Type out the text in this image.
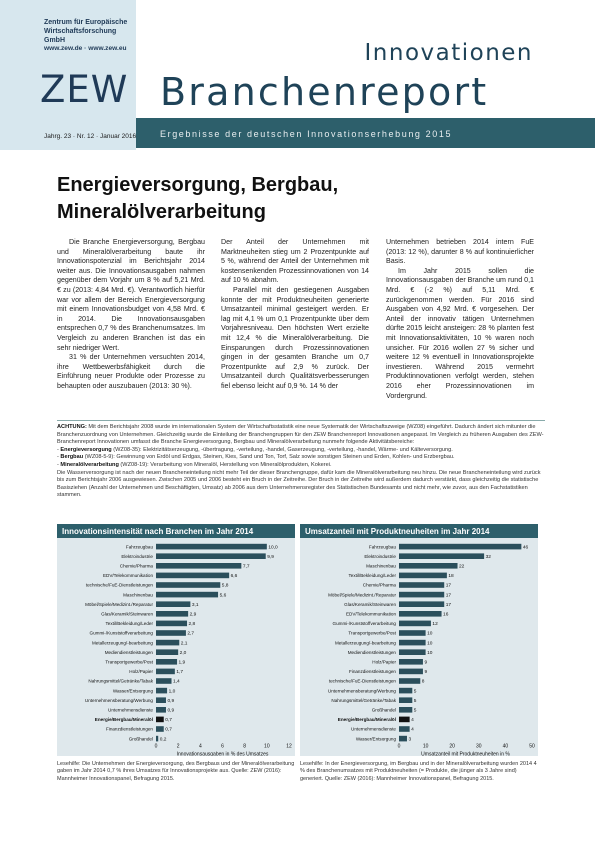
Zentrum für Europäische Wirtschaftsforschung GmbH
www.zew.de · www.zew.eu
ZEW
Jahrg. 23 · Nr. 12 · Januar 2016
Innovationen
Branchenreport
Ergebnisse der deutschen Innovationserhebung 2015
Energieversorgung, Bergbau,
Mineralölverarbeitung

Die Branche Energieversorgung, Bergbau und Mineralölverarbeitung baute ihr Innovationspotenzial im Berichtsjahr 2014 weiter aus. Die Innovationsausgaben nahmen gegenüber dem Vorjahr um 8 % auf 5,21 Mrd. € zu (2013: 4,84 Mrd. €). Verantwortlich hierfür war vor allem der Bereich Energieversorgung mit einem Innovationsbudget von 4,58 Mrd. € in 2014. Die Innovationsausgaben entsprechen 0,7 % des Branchenumsatzes. Im Vergleich zu anderen Branchen ist das ein sehr niedriger Wert.

31 % der Unternehmen versuchten 2014, ihre Wettbewerbsfähigkeit durch die Einführung neuer Produkte oder Prozesse zu behaupten oder auszubauen (2013: 30 %).

Der Anteil der Unternehmen mit Marktneuheiten stieg um 2 Prozentpunkte auf 5 %, während der Anteil der Unternehmen mit kostensenkenden Prozessinnovationen von 14 auf 10 % abnahm.

Parallel mit den gestiegenen Ausgaben konnte der mit Produktneuheiten generierte Umsatzanteil minimal gesteigert werden. Er lag mit 4,1 % um 0,1 Prozentpunkte über dem Vorjahresniveau. Den höchsten Wert erzielte mit 12,4 % die Mineralölverarbeitung. Die Einsparungen durch Prozessinnovationen gingen in der gesamten Branche um 0,7 Prozentpunkte auf 2,9 % zurück. Der Umsatzanteil durch Qualitätsverbesserungen fiel ebenso leicht auf 0,9 %. 14 % der

Unternehmen betrieben 2014 intern FuE (2013: 12 %), darunter 8 % auf kontinuierlicher Basis.

Im Jahr 2015 sollen die Innovationsausgaben der Branche um rund 0,1 Mrd. € (-2 %) auf 5,11 Mrd. € zurückgenommen werden. Für 2016 sind Ausgaben von 4,92 Mrd. € vorgesehen. Der Anteil der innovativ tätigen Unternehmen dürfte 2015 leicht ansteigen: 28 % planten fest mit Innovationsaktivitäten, 10 % waren noch unsicher. Für 2016 wollen 27 % sicher und weitere 12 % eventuell in Innovationsprojekte investieren. Während 2015 vermehrt Produktinnovationen verfolgt werden, stehen 2016 eher Prozessinnovationen im Vordergrund.

ACHTUNG: Mit dem Berichtsjahr 2008 wurde im internationalen System der Wirtschaftsstatistik eine neue Systematik der Wirtschaftszweige (WZ08) eingeführt. Dadurch ändert sich mitunter die Branchenzuordnung von Unternehmen. Gleichzeitig wurde die Einteilung der Branchengruppen für den ZEW Branchenreport Innovationen angepasst. Im Vergleich zu früheren Ausgaben des ZEW-Branchenreport Innovationen umfasst die Branche Energieversorgung, Bergbau und Mineralölverarbeitung nunmehr folgende Aktivitätsbereiche:
- Energieversorgung (WZ08-35): Elektrizitätserzeugung, -übertragung, -verteilung, -handel, Gaserzeugung, -verteilung, -handel, Wärme- und Kälteversorgung.
- Bergbau (WZ08-5-9): Gewinnung von Erdöl und Erdgas, Steinen, Kies, Sand und Ton, Torf, Salz sowie sonstigen Steinen und Erden, Kohlen- und Erzbergbau.
- Mineralölverarbeitung (WZ08-19): Verarbeitung von Mineralöl, Herstellung von Mineralölprodukten, Kokerei.
Die Wasserversorgung ist nach der neuen Brancheneinteilung nicht mehr Teil der dieser Branchengruppe, dafür kam die Mineralölverarbeitung neu hinzu. Die neue Brancheneinteilung wird zurück bis zum Berichtsjahr 2006 ausgewiesen. Zwischen 2005 und 2006 besteht ein Bruch in der Zeitreihe. Der Bruch in der Zeitreihe wird außerdem dadurch verstärkt, dass gleichzeitig die statistische Basisziehen (Anzahl der Unternehmen und Beschäftigten, Umsatz) ab 2006 aus dem Unternehmensregister des Statistischen Bundesamts und nicht mehr, wie zuvor, aus den Fachstatistiken stammen.
Innovationsintensität nach Branchen im Jahr 2014
Fahrzeugbau	10,0
Elektroindustrie	9,9
Chemie/Pharma	7,7
EDV/Telekommunikation	6,6
technische/FuE-Dienstleistungen	5,8
Maschinenbau	5,6
Möbel/Spiele/Medizint./Reparatur	3,1
Glas/Keramik/Steinwaren	2,9
Textil/Bekleidung/Leder	2,8
Gummi-/Kunststoffverarbeitung	2,7
Metallerzeugung/-bearbeitung	2,1
Mediendienstleistungen	2,0
Transportgewerbe/Post	1,9
Holz/Papier	1,7
Nahrungsmittel/Getränke/Tabak	1,4
Wasser/Entsorgung	1,0
Unternehmensberatung/Werbung	0,9
Unternehmensdienste	0,9
Energie/Bergbau/Mineralöl	0,7
Finanzdienstleistungen	0,7
Großhandel 0,2
0	2	4	6	8	10	12
Innovationsausgaben in % des Umsatzes
Umsatzanteil mit Produktneuheiten im Jahr 2014
Fahrzeugbau	46
Elektroindustrie	32
Maschinenbau	22
Textil/Bekleidung/Leder	18
Chemie/Pharma	17
Möbel/Spiele/Medizint./Reparatur	17
Glas/Keramik/Steinwaren	17
EDV/Telekommunikation	16
Gummi-/Kunststoffverarbeitung	12
Transportgewerbe/Post	10
Metallerzeugung/-bearbeitung	10
Mediendienstleistungen	10
Holz/Papier	9
Finanzdienstleistungen	9
technische/FuE-Dienstleistungen	8
Unternehmensberatung/Werbung	5
Nahrungsmittel/Getränke/Tabak	5
Großhandel	5
Energie/Bergbau/Mineralöl	4
Unternehmensdienste	4
Wasser/Entsorgung	3
0	10	20	30	40	50
Umsatzanteil mit Produktneuheiten in %
Lesehilfe: Die Unternehmen der Energieversorgung, des Bergbaus und der Mineralölverarbeitung gaben im Jahr 2014 0,7 % ihres Umsatzes für Innovationsprojekte aus. Quelle: ZEW (2016): Mannheimer Innovationspanel, Befragung 2015.
Lesehilfe: In der Energieversorgung, im Bergbau und in der Mineralölverarbeitung wurden 2014 4 % des Branchenumsatzes mit Produktneuheiten (= Produkte, die jünger als 3 Jahre sind) generiert. Quelle: ZEW (2016): Mannheimer Innovationspanel, Befragung 2015.
